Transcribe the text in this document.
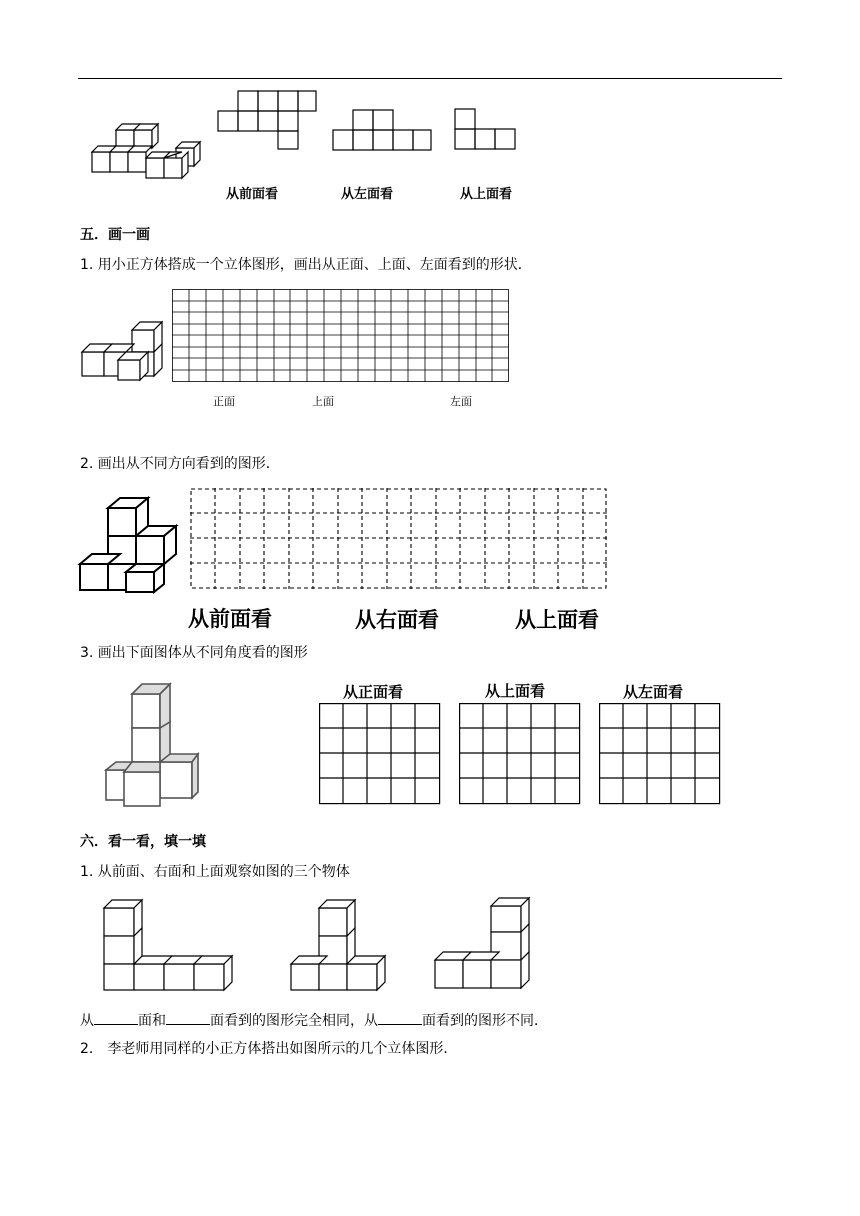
从前面看	从左面看	从上面看
五．画一画
1. 用小正方体搭成一个立体图形，画出从正面、上面、左面看到的形状．
正面	上面	左面
2. 画出从不同方向看到的图形．
从前面看	从右面看	从上面看
3. 画出下面图体从不同角度看的图形
从正面看	从上面看	从左面看
六．看一看，填一填
1. 从前面、右面和上面观察如图的三个物体
从	面和	面看到的图形完全相同，从	面看到的图形不同．
2． 李老师用同样的小正方体搭出如图所示的几个立体图形．
